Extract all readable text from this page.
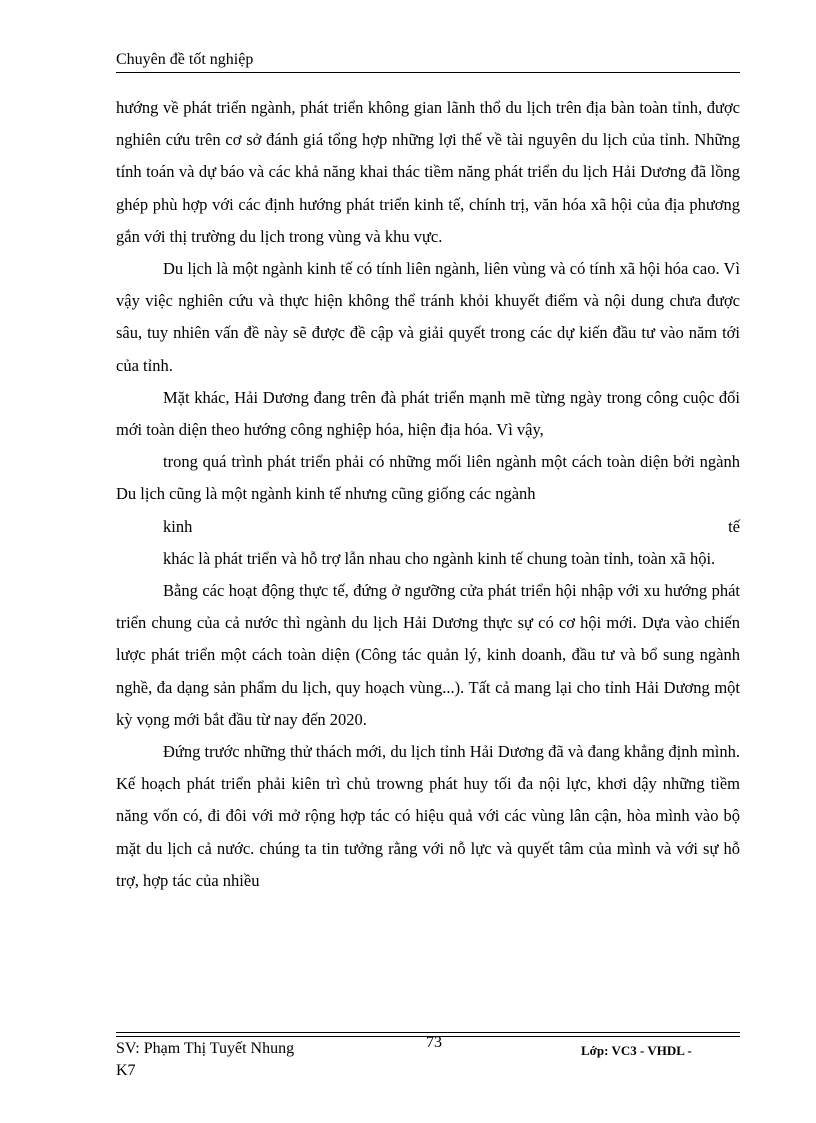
Chuyên đề tốt nghiệp

hướng về phát triển ngành, phát triển không gian lãnh thổ du lịch trên địa bàn toàn tỉnh, được nghiên cứu trên cơ sở đánh giá tổng hợp những lợi thế về tài nguyên du lịch của tỉnh. Những tính toán và dự báo và các khả năng khai thác tiềm năng phát triển du lịch Hải Dương đã lồng ghép phù hợp với các định hướng phát triển kinh tế, chính trị, văn hóa xã hội của địa phương gắn với thị trường du lịch trong vùng và khu vực.

Du lịch là một ngành kinh tế có tính liên ngành, liên vùng và có tính xã hội hóa cao. Vì vậy việc nghiên cứu và thực hiện không thể tránh khỏi khuyết điểm và nội dung chưa được sâu, tuy nhiên vấn đề này sẽ được đề cập và giải quyết trong các dự kiến đầu tư vào năm tới của tỉnh.

Mặt khác, Hải Dương đang trên đà phát triển mạnh mẽ từng ngày trong công cuộc đổi mới toàn diện theo hướng công nghiệp hóa, hiện địa hóa. Vì vậy,

trong quá trình phát triển phải có những mối liên ngành một cách toàn diện bởi ngành Du lịch cũng là một ngành kinh tế nhưng cũng giống các ngành

kinh	tế

khác là phát triển và hỗ trợ lẫn nhau cho ngành kinh tế chung toàn tỉnh, toàn xã hội.

Bằng các hoạt động thực tế, đứng ở ngưỡng cửa phát triển hội nhập với xu hướng phát triển chung của cả nước thì ngành du lịch Hải Dương thực sự có cơ hội mới. Dựa vào chiến lược phát triển một cách toàn diện (Công tác quản lý, kinh doanh, đầu tư và bổ sung ngành nghề, đa dạng sản phẩm du lịch, quy hoạch vùng...). Tất cả mang lại cho tỉnh Hải Dương một kỳ vọng mới bắt đầu từ nay đến 2020.

Đứng trước những thử thách mới, du lịch tỉnh Hải Dương đã và đang khẳng định mình. Kế hoạch phát triển phải kiên trì chủ trowng phát huy tối đa nội lực, khơi dậy những tiềm năng vốn có, đi đôi với mở rộng hợp tác có hiệu quả với các vùng lân cận, hòa mình vào bộ mặt du lịch cả nước. chúng ta tin tưởng rằng với nỗ lực và quyết tâm của mình và với sự hỗ trợ, hợp tác của nhiều

SV: Phạm Thị Tuyết Nhung
K7
73	Lớp: VC3 - VHDL -
